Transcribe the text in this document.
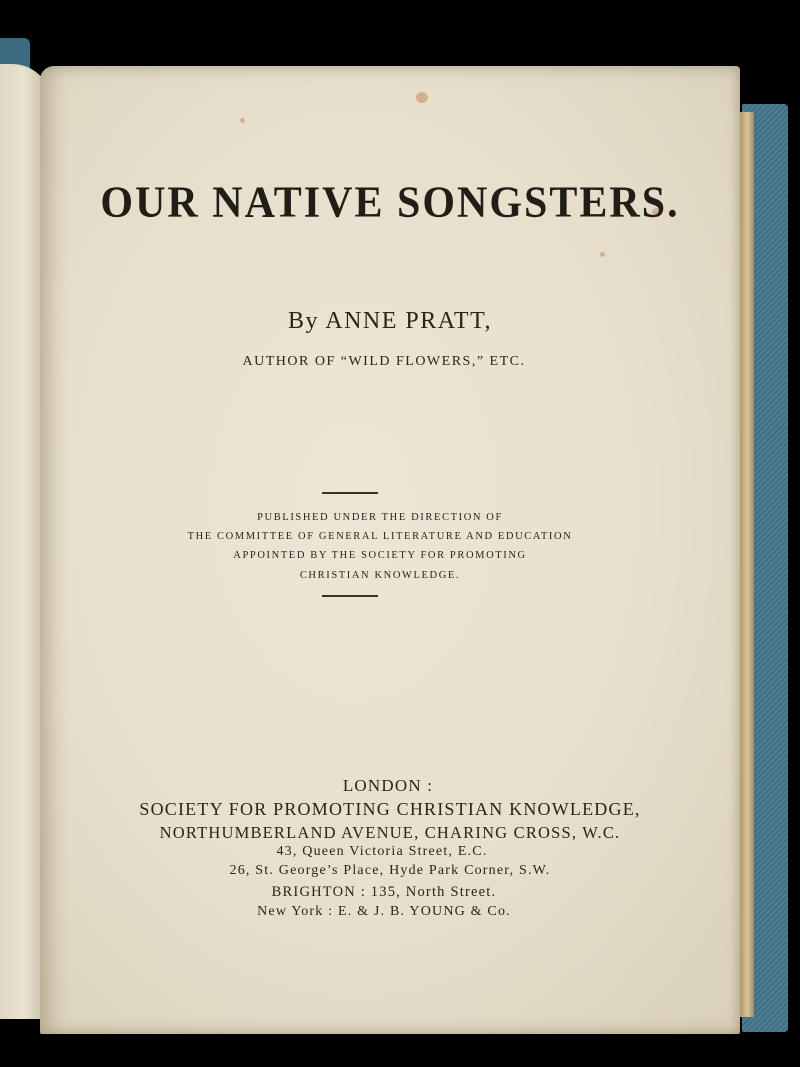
OUR NATIVE SONGSTERS.
By ANNE PRATT,
AUTHOR OF “WILD FLOWERS,” ETC.
PUBLISHED UNDER THE DIRECTION OF
THE COMMITTEE OF GENERAL LITERATURE AND EDUCATION
APPOINTED BY THE SOCIETY FOR PROMOTING
CHRISTIAN KNOWLEDGE.
LONDON :
SOCIETY FOR PROMOTING CHRISTIAN KNOWLEDGE,
NORTHUMBERLAND AVENUE, CHARING CROSS, W.C.
43, Queen Victoria Street, E.C.
26, St. George’s Place, Hyde Park Corner, S.W.
BRIGHTON : 135, North Street.
New York : E. & J. B. YOUNG & Co.
